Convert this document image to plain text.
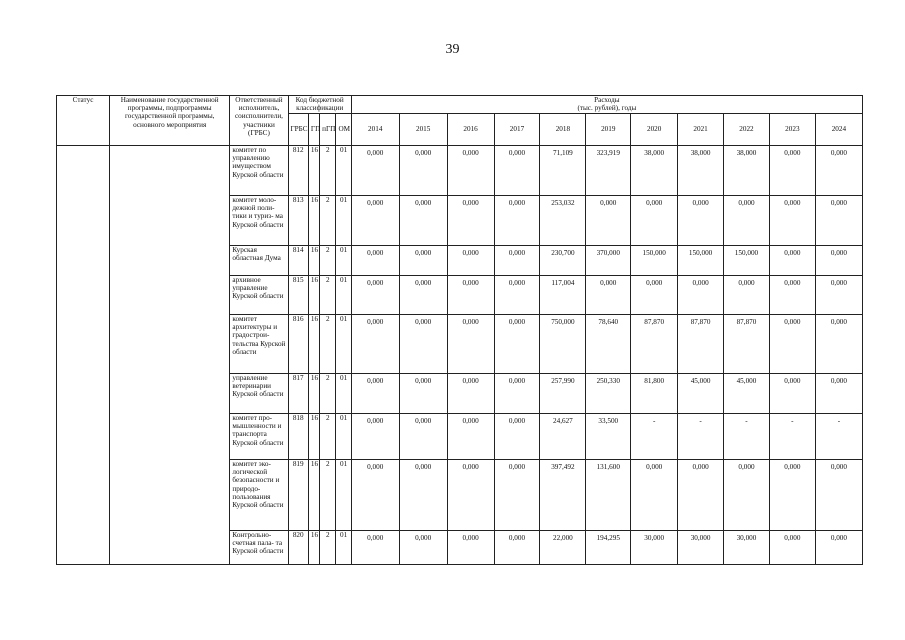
39
Статус	Наименование государственной программы, подпрограммы государственной программы, основного мероприятия	Ответственный исполнитель, соисполнители, участники (ГРБС)	Код бюджетной классификации				Расходы
(тыс. рублей), годы										

			ГРБС	ГП	пГП	ОМ	2014	2015	2016	2017	2018	2019	2020	2021	2022	2023	2024
		комитет по управлению имуществом Курской области	812	16	2	01	0,000	0,000	0,000	0,000	71,109	323,919	38,000	38,000	38,000	0,000	0,000
		комитет моло- дежной поли- тики и туриз- ма Курской области	813	16	2	01	0,000	0,000	0,000	0,000	253,032	0,000	0,000	0,000	0,000	0,000	0,000
		Курская областная Дума	814	16	2	01	0,000	0,000	0,000	0,000	230,700	370,000	150,000	150,000	150,000	0,000	0,000
		архивное управление Курской области	815	16	2	01	0,000	0,000	0,000	0,000	117,004	0,000	0,000	0,000	0,000	0,000	0,000
		комитет архитектуры и градострои- тельства Курской области	816	16	2	01	0,000	0,000	0,000	0,000	750,000	78,640	87,870	87,870	87,870	0,000	0,000
		управление ветеринарии Курской области	817	16	2	01	0,000	0,000	0,000	0,000	257,990	250,330	81,800	45,000	45,000	0,000	0,000
		комитет про- мышленности и транспорта Курской области	818	16	2	01	0,000	0,000	0,000	0,000	24,627	33,500	-	-	-	-	-
		комитет эко- логической безопасности и природо- пользования Курской области	819	16	2	01	0,000	0,000	0,000	0,000	397,492	131,600	0,000	0,000	0,000	0,000	0,000
		Контрольно- счетная пала- та Курской области	820	16	2	01	0,000	0,000	0,000	0,000	22,000	194,295	30,000	30,000	30,000	0,000	0,000
